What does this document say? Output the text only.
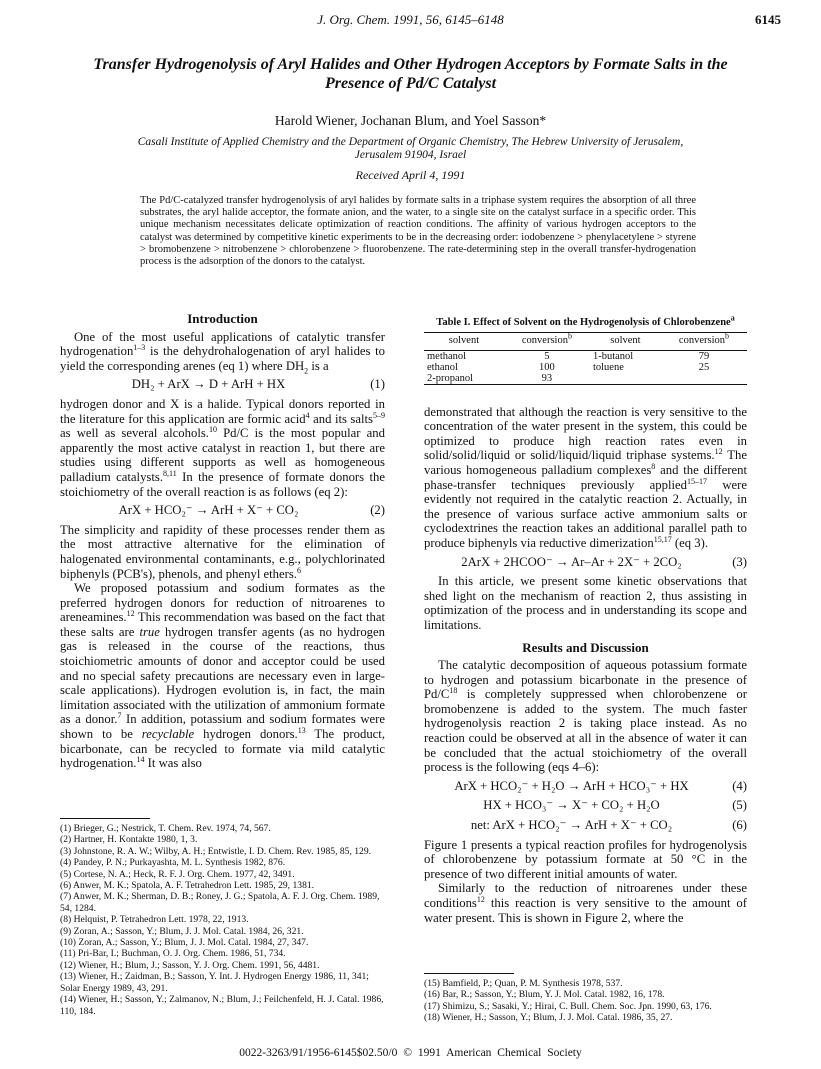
J. Org. Chem. 1991, 56, 6145–6148	6145
Transfer Hydrogenolysis of Aryl Halides and Other Hydrogen Acceptors by Formate Salts in the Presence of Pd/C Catalyst
Harold Wiener, Jochanan Blum, and Yoel Sasson*
Casali Institute of Applied Chemistry and the Department of Organic Chemistry, The Hebrew University of Jerusalem, Jerusalem 91904, Israel
Received April 4, 1991
The Pd/C-catalyzed transfer hydrogenolysis of aryl halides by formate salts in a triphase system requires the absorption of all three substrates, the aryl halide acceptor, the formate anion, and the water, to a single site on the catalyst surface in a specific order. This unique mechanism necessitates delicate optimization of reaction conditions. The affinity of various hydrogen acceptors to the catalyst was determined by competitive kinetic experiments to be in the decreasing order: iodobenzene > phenylacetylene > styrene > bromobenzene > nitrobenzene > chlorobenzene > fluorobenzene. The rate-determining step in the overall transfer-hydrogenation process is the adsorption of the donors to the catalyst.
Introduction

One of the most useful applications of catalytic transfer hydrogenation$^{1-3}$ is the dehydrohalogenation of aryl halides to yield the corresponding arenes (eq 1) where $DH_2$ is a

DH₂ + ArX → D + ArH + HX	(1)

hydrogen donor and X is a halide. Typical donors reported in the literature for this application are formic acid$^4$ and its salts$^{5-9}$ as well as several alcohols.$^{10}$ Pd/C is the most popular and apparently the most active catalyst in reaction 1, but there are studies using different supports as well as homogeneous palladium catalysts.$^{8,11}$ In the presence of formate donors the stoichiometry of the overall reaction is as follows (eq 2):

ArX + HCO₂⁻ → ArH + X⁻ + CO₂	(2)

The simplicity and rapidity of these processes render them as the most attractive alternative for the elimination of halogenated environmental contaminants, e.g., polychlorinated biphenyls (PCB's), phenols, and phenyl ethers.$^6$

We proposed potassium and sodium formates as the preferred hydrogen donors for reduction of nitroarenes to areneamines.$^{12}$ This recommendation was based on the fact that these salts are true hydrogen transfer agents (as no hydrogen gas is released in the course of the reactions, thus stoichiometric amounts of donor and acceptor could be used and no special safety precautions are necessary even in large-scale applications). Hydrogen evolution is, in fact, the main limitation associated with the utilization of ammonium formate as a donor.$^7$ In addition, potassium and sodium formates were shown to be recyclable hydrogen donors.$^{13}$ The product, bicarbonate, can be recycled to formate via mild catalytic hydrogenation.$^{14}$ It was also

Table I. Effect of Solvent on the Hydrogenolysis of Chlorobenzene$^a$
solvent	conversion$^b$	solvent	conversion$^b$
methanol	5	1-butanol	79
ethanol	100	toluene	25
2-propanol	93		

demonstrated that although the reaction is very sensitive to the concentration of the water present in the system, this could be optimized to produce high reaction rates even in solid/solid/liquid or solid/liquid/liquid triphase systems.$^{12}$ The various homogeneous palladium complexes$^8$ and the different phase-transfer techniques previously applied$^{15-17}$ were evidently not required in the catalytic reaction 2. Actually, in the presence of various surface active ammonium salts or cyclodextrines the reaction takes an additional parallel path to produce biphenyls via reductive dimerization$^{15,17}$ (eq 3).

2ArX + 2HCOO⁻ → Ar–Ar + 2X⁻ + 2CO₂	(3)

In this article, we present some kinetic observations that shed light on the mechanism of reaction 2, thus assisting in optimization of the process and in understanding its scope and limitations.

Results and Discussion

The catalytic decomposition of aqueous potassium formate to hydrogen and potassium bicarbonate in the presence of $Pd/C^{18}$ is completely suppressed when chlorobenzene or bromobenzene is added to the system. The much faster hydrogenolysis reaction 2 is taking place instead. As no reaction could be observed at all in the absence of water it can be concluded that the actual stoichiometry of the overall process is the following (eqs 4–6):

ArX + HCO₂⁻ + H₂O → ArH + HCO₃⁻ + HX	(4)
HX + HCO₃⁻ → X⁻ + CO₂ + H₂O	(5)
net: ArX + HCO₂⁻ → ArH + X⁻ + CO₂	(6)

Figure 1 presents a typical reaction profiles for hydrogenolysis of chlorobenzene by potassium formate at 50 °C in the presence of two different initial amounts of water.

Similarly to the reduction of nitroarenes under these conditions$^{12}$ this reaction is very sensitive to the amount of water present. This is shown in Figure 2, where the

(1) Brieger, G.; Nestrick, T. Chem. Rev. 1974, 74, 567.

(2) Hartner, H. Kontakte 1980, 1, 3.

(3) Johnstone, R. A. W.; Wilby, A. H.; Entwistle, I. D. Chem. Rev. 1985, 85, 129.

(4) Pandey, P. N.; Purkayashta, M. L. Synthesis 1982, 876.

(5) Cortese, N. A.; Heck, R. F. J. Org. Chem. 1977, 42, 3491.

(6) Anwer, M. K.; Spatola, A. F. Tetrahedron Lett. 1985, 29, 1381.

(7) Anwer, M. K.; Sherman, D. B.; Roney, J. G.; Spatola, A. F. J. Org. Chem. 1989, 54, 1284.

(8) Helquist, P. Tetrahedron Lett. 1978, 22, 1913.

(9) Zoran, A.; Sasson, Y.; Blum, J. J. Mol. Catal. 1984, 26, 321.

(10) Zoran, A.; Sasson, Y.; Blum, J. J. Mol. Catal. 1984, 27, 347.

(11) Pri-Bar, I.; Buchman, O. J. Org. Chem. 1986, 51, 734.

(12) Wiener, H.; Blum, J.; Sasson, Y. J. Org. Chem. 1991, 56, 4481.

(13) Wiener, H.; Zaidman, B.; Sasson, Y. Int. J. Hydrogen Energy 1986, 11, 341; Solar Energy 1989, 43, 291.

(14) Wiener, H.; Sasson, Y.; Zalmanov, N.; Blum, J.; Feilchenfeld, H. J. Catal. 1986, 110, 184.

(15) Bamfield, P.; Quan, P. M. Synthesis 1978, 537.

(16) Bar, R.; Sasson, Y.; Blum, Y. J. Mol. Catal. 1982, 16, 178.

(17) Shimizu, S.; Sasaki, Y.; Hirai, C. Bull. Chem. Soc. Jpn. 1990, 63, 176.

(18) Wiener, H.; Sasson, Y.; Blum, J. J. Mol. Catal. 1986, 35, 27.

0022-3263/91/1956-6145$02.50/0 © 1991 American Chemical Society
